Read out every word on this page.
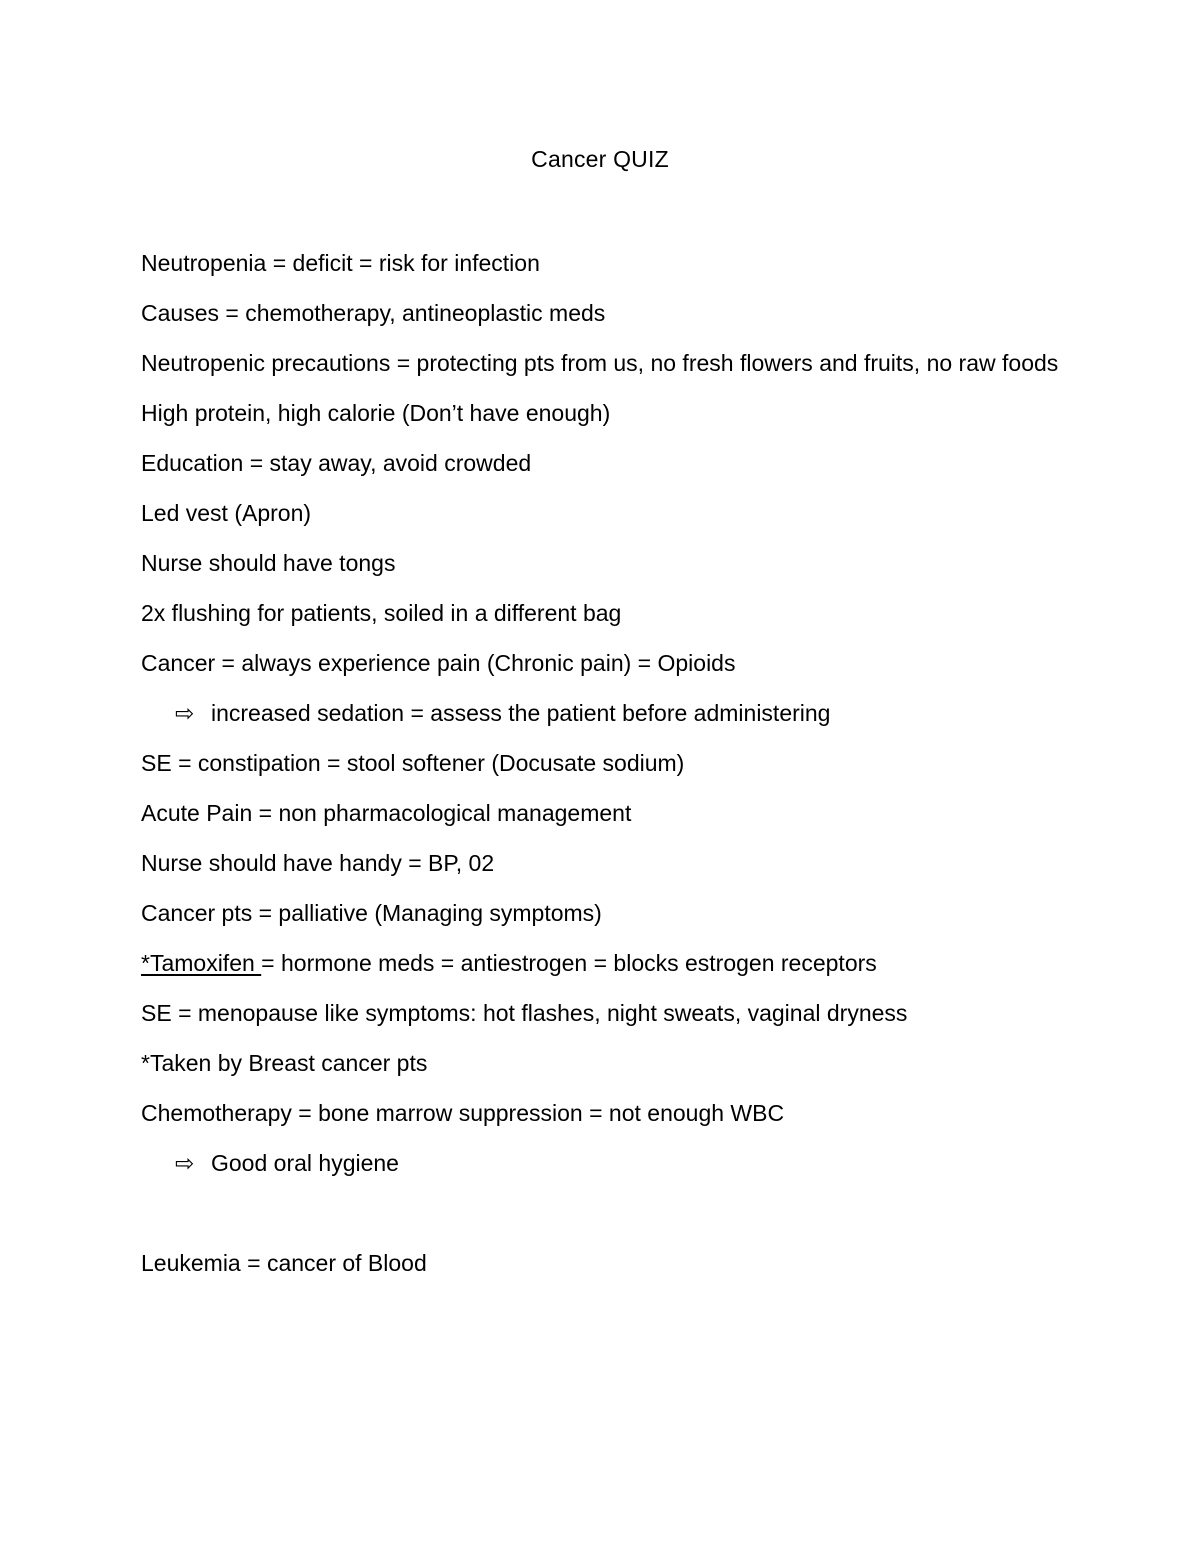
Cancer QUIZ
Neutropenia = deficit = risk for infection
Causes = chemotherapy, antineoplastic meds
Neutropenic precautions = protecting pts from us, no fresh flowers and fruits, no raw foods
High protein, high calorie (Don’t have enough)
Education = stay away, avoid crowded
Led vest (Apron)
Nurse should have tongs
2x flushing for patients, soiled in a different bag
Cancer = always experience pain (Chronic pain) = Opioids
⇨ increased sedation = assess the patient before administering
SE = constipation = stool softener (Docusate sodium)
Acute Pain = non pharmacological management
Nurse should have handy = BP, 02
Cancer pts = palliative (Managing symptoms)
*Tamoxifen = hormone meds = antiestrogen = blocks estrogen receptors
SE = menopause like symptoms: hot flashes, night sweats, vaginal dryness
*Taken by Breast cancer pts
Chemotherapy = bone marrow suppression = not enough WBC
⇨ Good oral hygiene
Leukemia = cancer of Blood
